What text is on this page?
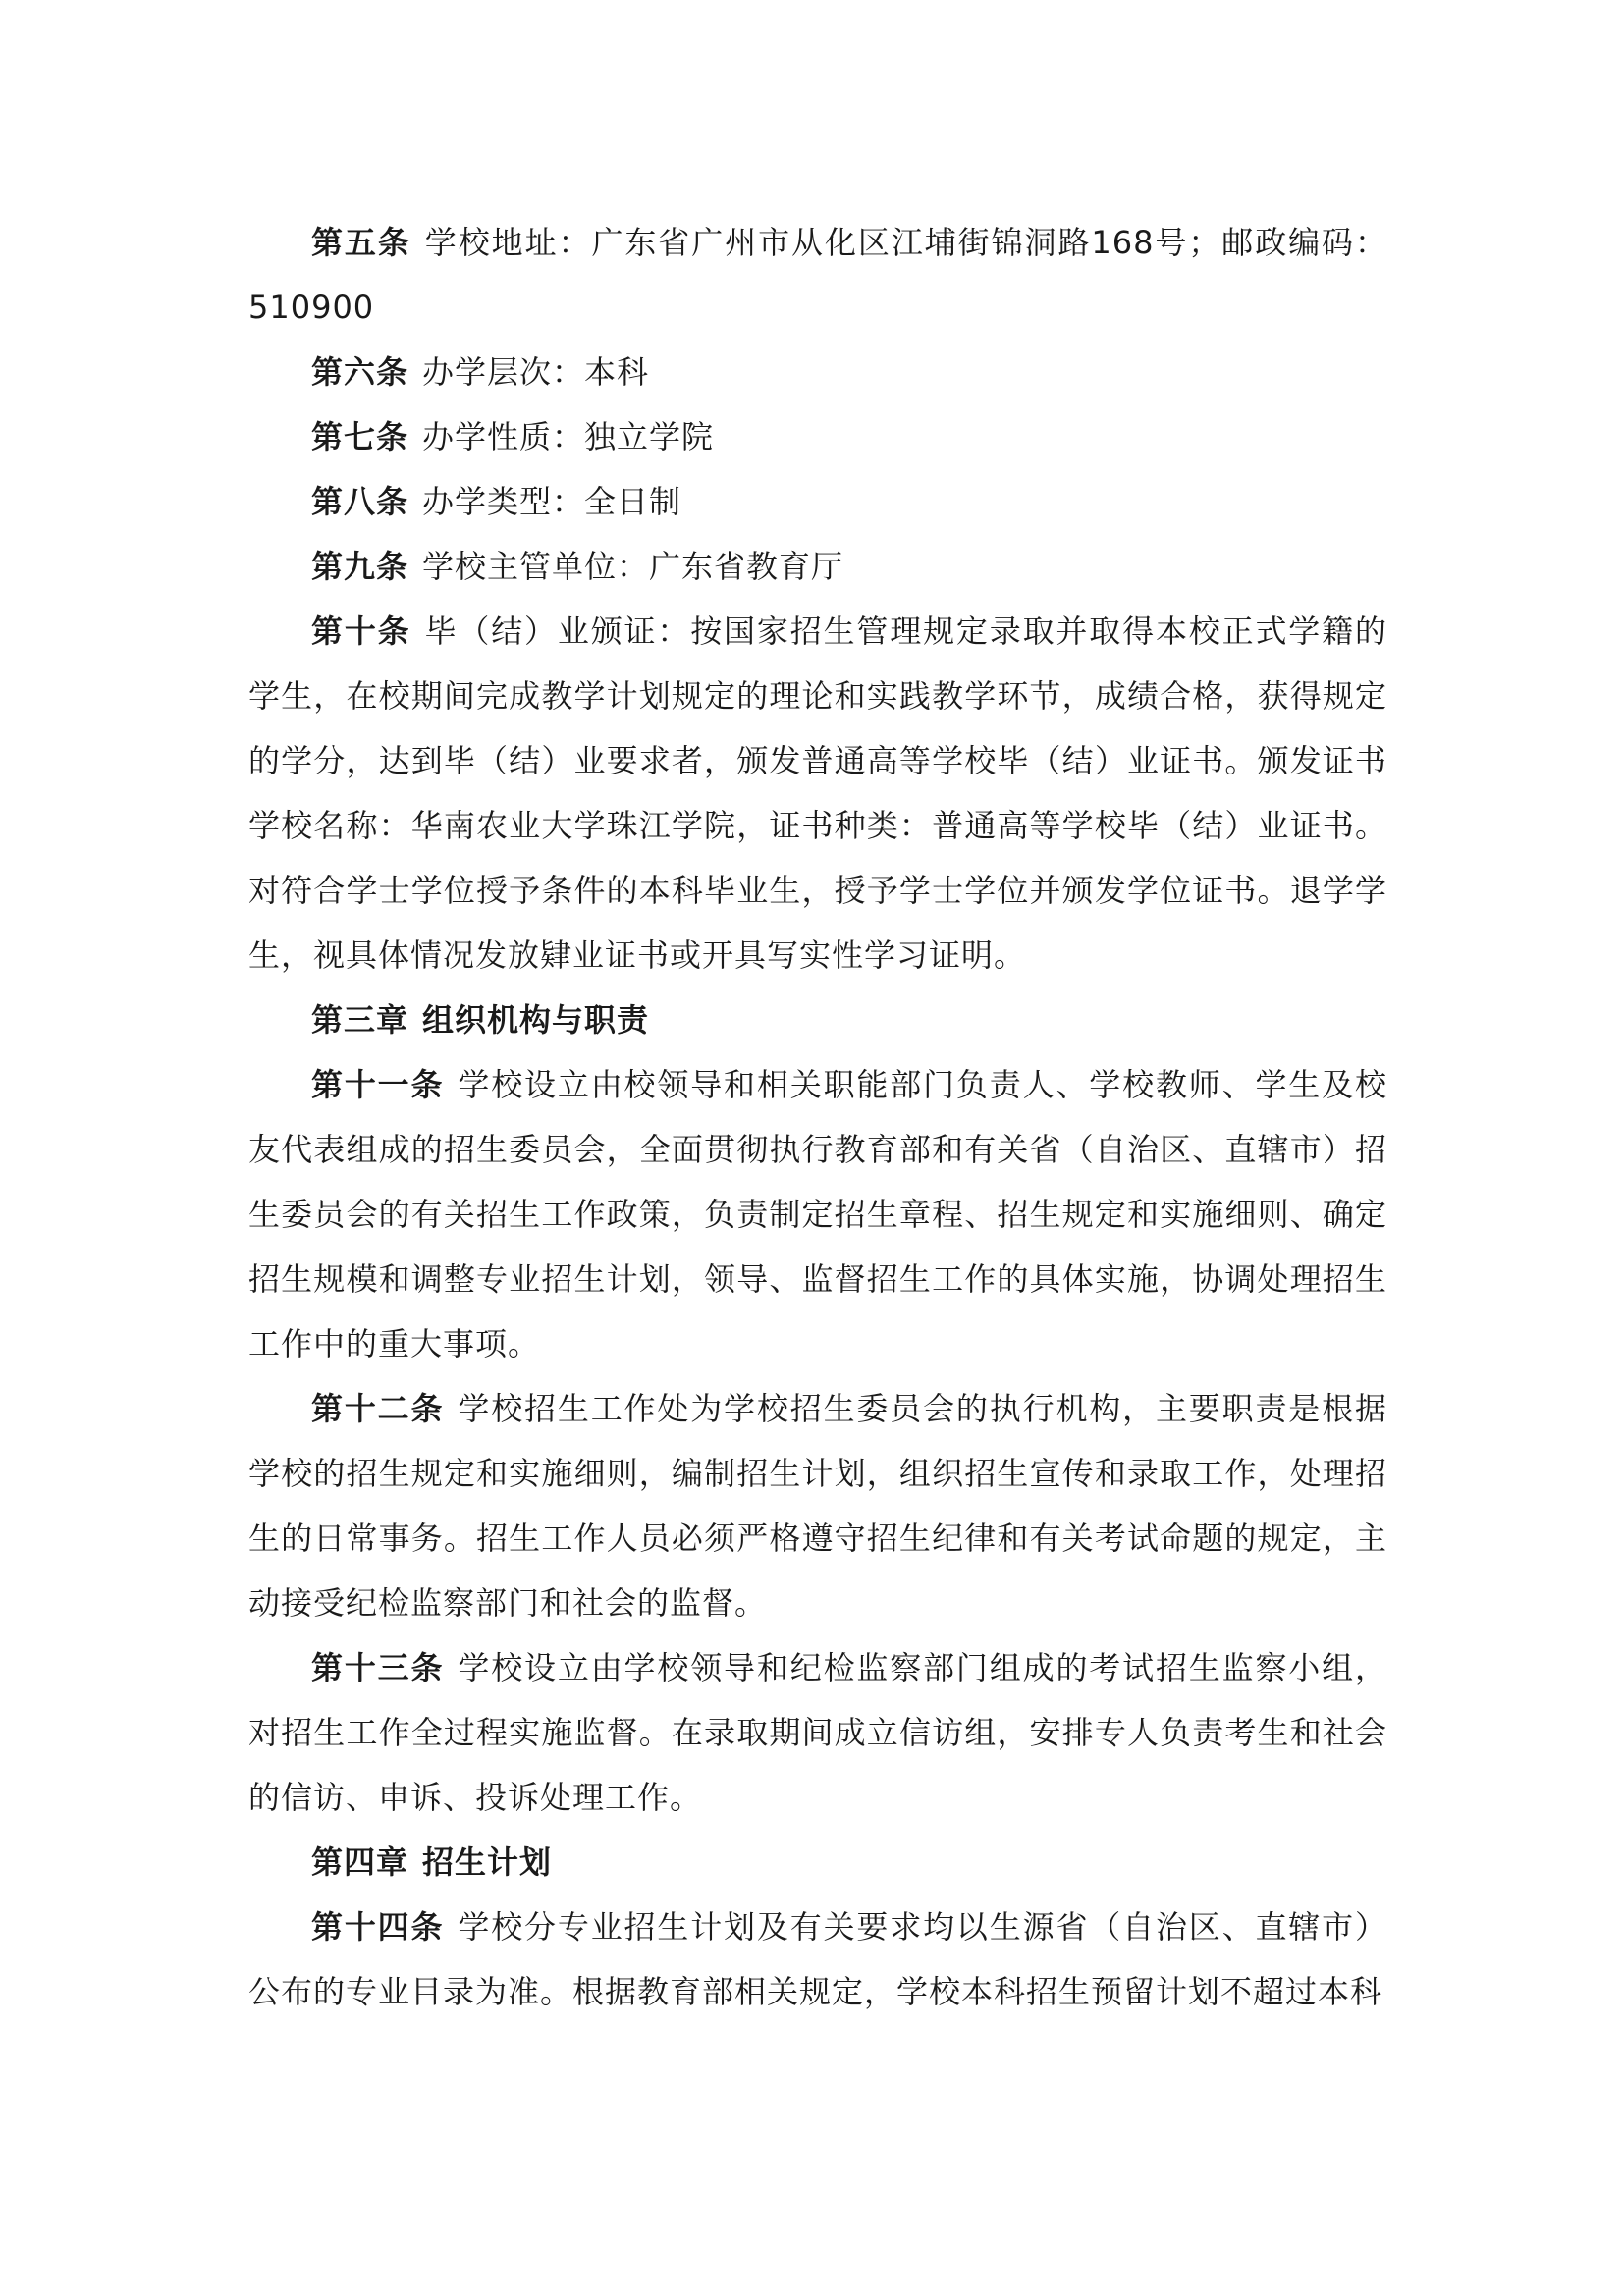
第五条 学校地址：广东省广州市从化区江埔街锦洞路168号；邮政编码：510900

第六条 办学层次：本科

第七条 办学性质：独立学院

第八条 办学类型：全日制

第九条 学校主管单位：广东省教育厅

第十条 毕（结）业颁证：按国家招生管理规定录取并取得本校正式学籍的学生，在校期间完成教学计划规定的理论和实践教学环节，成绩合格，获得规定的学分，达到毕（结）业要求者，颁发普通高等学校毕（结）业证书。颁发证书学校名称：华南农业大学珠江学院，证书种类：普通高等学校毕（结）业证书。对符合学士学位授予条件的本科毕业生，授予学士学位并颁发学位证书。退学学生，视具体情况发放肄业证书或开具写实性学习证明。

第三章 组织机构与职责

第十一条 学校设立由校领导和相关职能部门负责人、学校教师、学生及校友代表组成的招生委员会，全面贯彻执行教育部和有关省（自治区、直辖市）招生委员会的有关招生工作政策，负责制定招生章程、招生规定和实施细则、确定招生规模和调整专业招生计划，领导、监督招生工作的具体实施，协调处理招生工作中的重大事项。

第十二条 学校招生工作处为学校招生委员会的执行机构，主要职责是根据学校的招生规定和实施细则，编制招生计划，组织招生宣传和录取工作，处理招生的日常事务。招生工作人员必须严格遵守招生纪律和有关考试命题的规定，主动接受纪检监察部门和社会的监督。

第十三条 学校设立由学校领导和纪检监察部门组成的考试招生监察小组，对招生工作全过程实施监督。在录取期间成立信访组，安排专人负责考生和社会的信访、申诉、投诉处理工作。

第四章 招生计划

第十四条 学校分专业招生计划及有关要求均以生源省（自治区、直辖市）公布的专业目录为准。根据教育部相关规定，学校本科招生预留计划不超过本科
